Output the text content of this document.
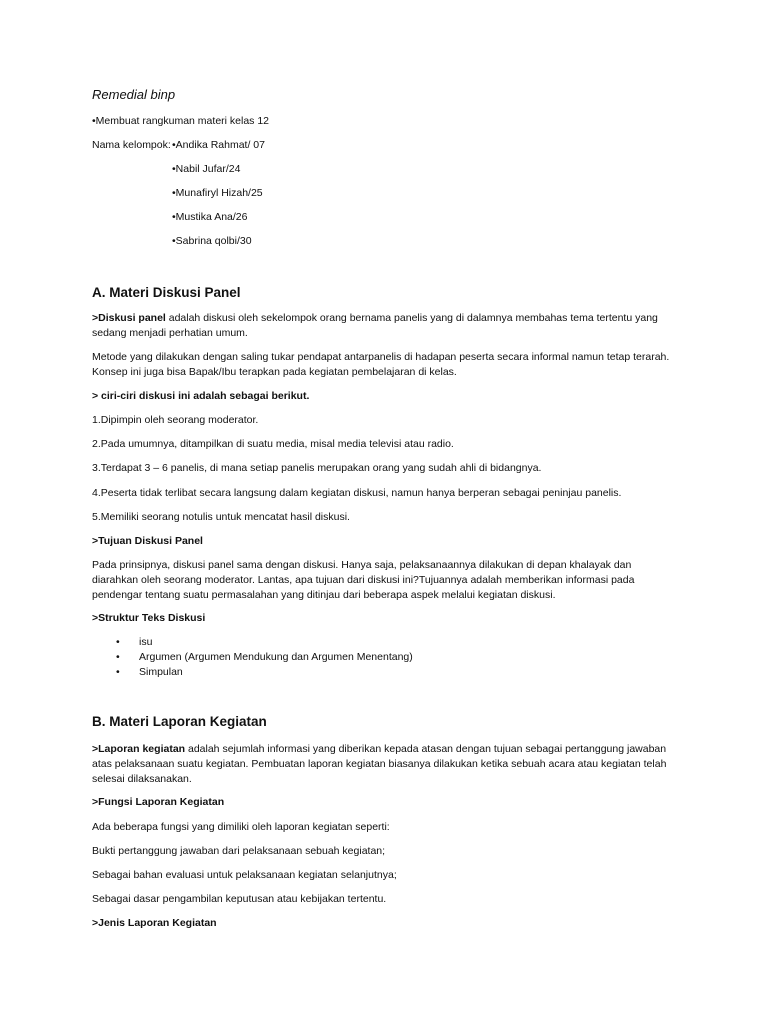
Remedial binp
•Membuat rangkuman materi kelas 12
Nama kelompok: •Andika Rahmat/ 07
•Nabil Jufar/24
•Munafiryl Hizah/25
•Mustika Ana/26
•Sabrina qolbi/30
A. Materi Diskusi Panel
>Diskusi panel adalah diskusi oleh sekelompok orang bernama panelis yang di dalamnya membahas tema tertentu yang sedang menjadi perhatian umum.
Metode yang dilakukan dengan saling tukar pendapat antarpanelis di hadapan peserta secara informal namun tetap terarah. Konsep ini juga bisa Bapak/Ibu terapkan pada kegiatan pembelajaran di kelas.
> ciri-ciri diskusi ini adalah sebagai berikut.
1.Dipimpin oleh seorang moderator.
2.Pada umumnya, ditampilkan di suatu media, misal media televisi atau radio.
3.Terdapat 3 – 6 panelis, di mana setiap panelis merupakan orang yang sudah ahli di bidangnya.
4.Peserta tidak terlibat secara langsung dalam kegiatan diskusi, namun hanya berperan sebagai peninjau panelis.
5.Memiliki seorang notulis untuk mencatat hasil diskusi.
>Tujuan Diskusi Panel
Pada prinsipnya, diskusi panel sama dengan diskusi. Hanya saja, pelaksanaannya dilakukan di depan khalayak dan diarahkan oleh seorang moderator. Lantas, apa tujuan dari diskusi ini?Tujuannya adalah memberikan informasi pada pendengar tentang suatu permasalahan yang ditinjau dari beberapa aspek melalui kegiatan diskusi.
>Struktur Teks Diskusi
• isu
• Argumen (Argumen Mendukung dan Argumen Menentang)
• Simpulan
B. Materi Laporan Kegiatan
>Laporan kegiatan adalah sejumlah informasi yang diberikan kepada atasan dengan tujuan sebagai pertanggung jawaban atas pelaksanaan suatu kegiatan. Pembuatan laporan kegiatan biasanya dilakukan ketika sebuah acara atau kegiatan telah selesai dilaksanakan.
>Fungsi Laporan Kegiatan
Ada beberapa fungsi yang dimiliki oleh laporan kegiatan seperti:
Bukti pertanggung jawaban dari pelaksanaan sebuah kegiatan;
Sebagai bahan evaluasi untuk pelaksanaan kegiatan selanjutnya;
Sebagai dasar pengambilan keputusan atau kebijakan tertentu.
>Jenis Laporan Kegiatan
